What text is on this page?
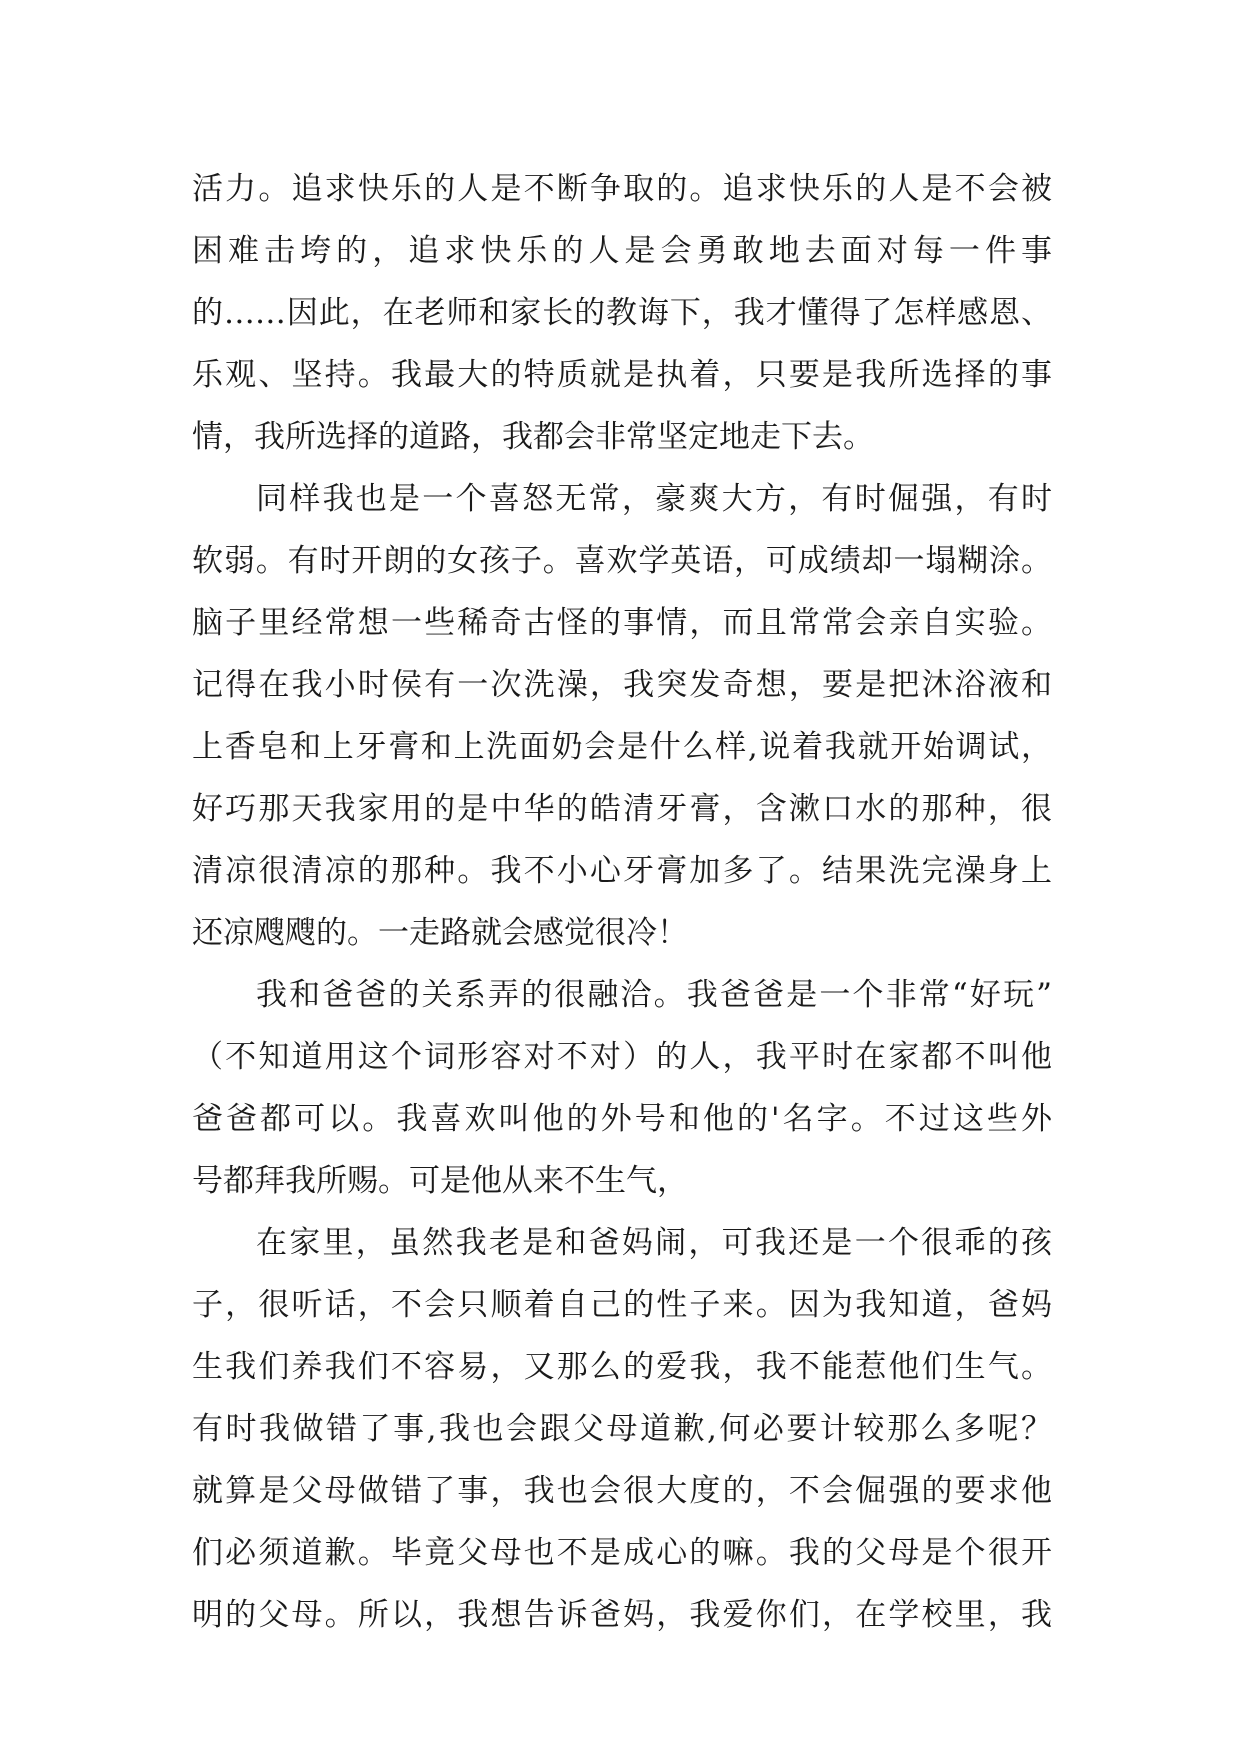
活力。追求快乐的人是不断争取的。追求快乐的人是不会被
困难击垮的，追求快乐的人是会勇敢地去面对每一件事
的……因此，在老师和家长的教诲下，我才懂得了怎样感恩、
乐观、坚持。我最大的特质就是执着，只要是我所选择的事
情，我所选择的道路，我都会非常坚定地走下去。
同样我也是一个喜怒无常，豪爽大方，有时倔强，有时
软弱。有时开朗的女孩子。喜欢学英语，可成绩却一塌糊涂。
脑子里经常想一些稀奇古怪的事情，而且常常会亲自实验。
记得在我小时侯有一次洗澡，我突发奇想，要是把沐浴液和
上香皂和上牙膏和上洗面奶会是什么样,说着我就开始调试，
好巧那天我家用的是中华的皓清牙膏，含漱口水的那种，很
清凉很清凉的那种。我不小心牙膏加多了。结果洗完澡身上
还凉飕飕的。一走路就会感觉很冷！
我和爸爸的关系弄的很融洽。我爸爸是一个非常“好玩”
（不知道用这个词形容对不对）的人，我平时在家都不叫他
爸爸都可以。我喜欢叫他的外号和他的'名字。不过这些外
号都拜我所赐。可是他从来不生气，
在家里，虽然我老是和爸妈闹，可我还是一个很乖的孩
子，很听话，不会只顺着自己的性子来。因为我知道，爸妈
生我们养我们不容易，又那么的爱我，我不能惹他们生气。
有时我做错了事,我也会跟父母道歉,何必要计较那么多呢？
就算是父母做错了事，我也会很大度的，不会倔强的要求他
们必须道歉。毕竟父母也不是成心的嘛。我的父母是个很开
明的父母。所以，我想告诉爸妈，我爱你们，在学校里，我
